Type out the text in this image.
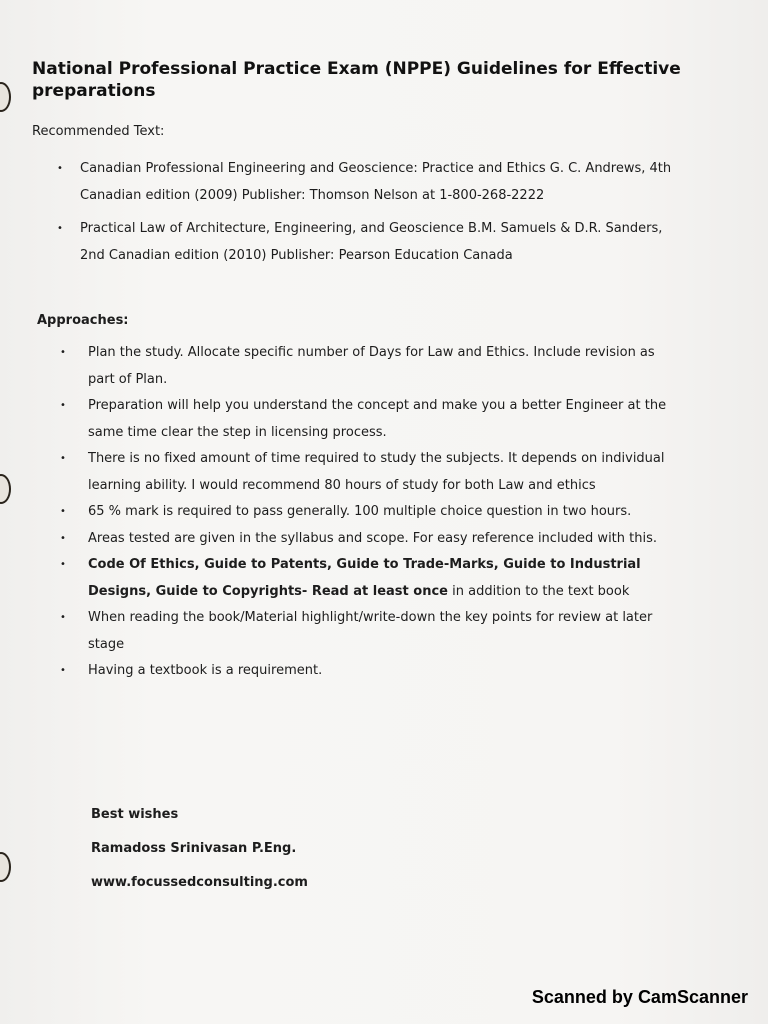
National Professional Practice Exam (NPPE) Guidelines for Effective preparations
Recommended Text:
• Canadian Professional Engineering and Geoscience: Practice and Ethics G. C. Andrews, 4th Canadian edition (2009) Publisher: Thomson Nelson at 1-800-268-2222
• Practical Law of Architecture, Engineering, and Geoscience B.M. Samuels & D.R. Sanders, 2nd Canadian edition (2010) Publisher: Pearson Education Canada
Approaches:
• Plan the study. Allocate specific number of Days for Law and Ethics. Include revision as part of Plan.
• Preparation will help you understand the concept and make you a better Engineer at the same time clear the step in licensing process.
• There is no fixed amount of time required to study the subjects. It depends on individual learning ability. I would recommend 80 hours of study for both Law and ethics
• 65 % mark is required to pass generally. 100 multiple choice question in two hours.
• Areas tested are given in the syllabus and scope. For easy reference included with this.
• Code Of Ethics, Guide to Patents, Guide to Trade-Marks, Guide to Industrial Designs, Guide to Copyrights- Read at least once in addition to the text book
• When reading the book/Material highlight/write-down the key points for review at later stage
• Having a textbook is a requirement.
Best wishes
Ramadoss Srinivasan P.Eng.
www.focussedconsulting.com
Scanned by CamScanner
